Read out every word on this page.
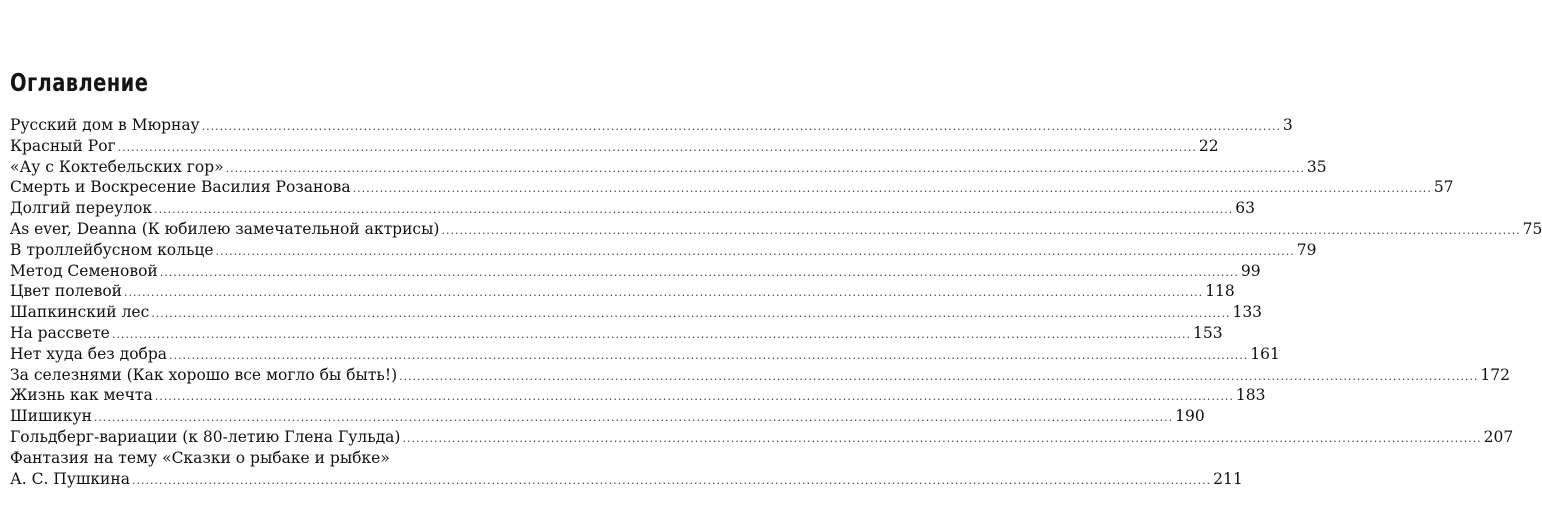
Оглавление
Русский дом в Мюрнау .....	3
Красный Рог .....	22
«Ау с Коктебельских гор» .....	35
Смерть и Воскресение Василия Розанова .....	57
Долгий переулок .....	63
As ever, Deanna (К юбилею замечательной актрисы) .....	75
В троллейбусном кольце .....	79
Метод Семеновой .....	99
Цвет полевой .....	118
Шапкинский лес .....	133
На рассвете .....	153
Нет худа без добра .....	161
За селезнями (Как хорошо все могло бы быть!) .....	172
Жизнь как мечта .....	183
Шишикун .....	190
Гольдберг-вариации (к 80-летию Глена Гульда) .....	207
Фантазия на тему «Сказки о рыбаке и рыбке»
А. С. Пушкина .....	211
